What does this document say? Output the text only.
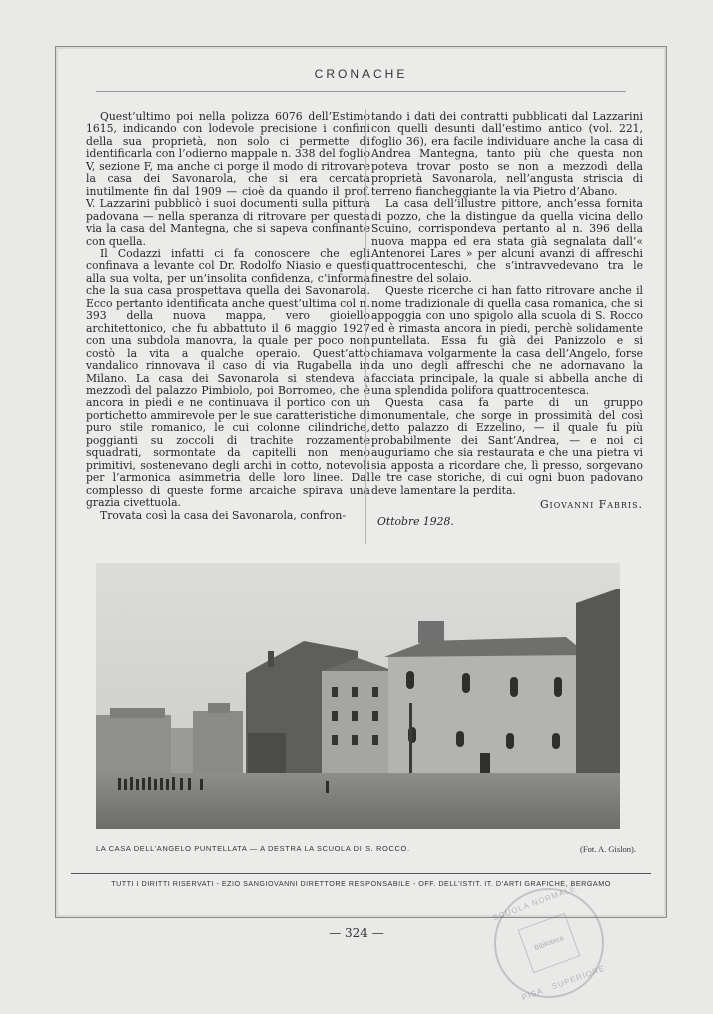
CRONACHE

Quest’ultimo poi nella polizza 6076 dell’Estimo 1615, indicando con lodevole precisione i confini della sua proprietà, non solo ci permette di identificarla con l’odierno mappale n. 338 del foglio V, sezione F, ma anche ci porge il modo di ritrovare la casa dei Savonarola, che si era cercata inutilmente fin dal 1909 — cioè da quando il prof. V. Lazzarini pubblicò i suoi documenti sulla pittura padovana — nella speranza di ritrovare per questa via la casa del Mantegna, che si sapeva confinante con quella.

Il Codazzi infatti ci fa conoscere che egli confinava a levante col Dr. Rodolfo Niasio e questi alla sua volta, per un’insolita confidenza, c’informa che la sua casa prospettava quella dei Savonarola. Ecco pertanto identificata anche quest’ultima col n. 393 della nuova mappa, vero gioiello architettonico, che fu abbattuto il 6 maggio 1927 con una subdola manovra, la quale per poco non costò la vita a qualche operaio. Quest’atto vandalico rinnovava il caso di via Rugabella in Milano. La casa dei Savonarola si stendeva a mezzodì del palazzo Pimbiolo, poi Borromeo, che è ancora in piedi e ne continuava il portico con un portichetto ammirevole per le sue caratteristiche di puro stile romanico, le cui colonne cilindriche, poggianti su zoccoli di trachite rozzamente squadrati, sormontate da capitelli non meno primitivi, sostenevano degli archi in cotto, notevoli per l’armonica asimmetria delle loro linee. Dal complesso di queste forme arcaiche spirava una grazia civettuola.

Trovata così la casa dei Savonarola, confron-

tando i dati dei contratti pubblicati dal Lazzarini con quelli desunti dall’estimo antico (vol. 221, foglio 36), era facile individuare anche la casa di Andrea Mantegna, tanto più che questa non poteva trovar posto se non a mezzodì della proprietà Savonarola, nell’angusta striscia di terreno fiancheggiante la via Pietro d’Abano.

La casa dell’illustre pittore, anch’essa fornita di pozzo, che la distingue da quella vicina dello Scuino, corrispondeva pertanto al n. 396 della nuova mappa ed era stata già segnalata dall’« Antenorei Lares » per alcuni avanzi di affreschi quattrocenteschi, che s’intravvedevano tra le finestre del solaio.

Queste ricerche ci han fatto ritrovare anche il nome tradizionale di quella casa romanica, che si appoggia con uno spigolo alla scuola di S. Rocco ed è rimasta ancora in piedi, perchè solidamente puntellata. Essa fu già dei Panizzolo e si chiamava volgarmente la casa dell’Angelo, forse da uno degli affreschi che ne adornavano la facciata principale, la quale si abbella anche di una splendida polifora quattrocentesca.

Questa casa fa parte di un gruppo monumentale, che sorge in prossimità del così detto palazzo di Ezzelino, — il quale fu più probabilmente dei Sant’Andrea, — e noi ci auguriamo che sia restaurata e che una pietra vi sia apposta a ricordare che, lì presso, sorgevano le tre case storiche, di cui ogni buon padovano deve lamentare la perdita.

Giovanni Fabris.
Ottobre 1928.
LA CASA DELL’ANGELO PUNTELLATA — A DESTRA LA SCUOLA DI S. ROCCO.	(Fot. A. Gislon).
TUTTI I DIRITTI RISERVATI - EZIO SANGIOVANNI DIRETTORE RESPONSABILE - OFF. DELL’ISTIT. IT. D’ARTI GRAFICHE, BERGAMO
— 324 —
SCUOLA NORMALE
PISA · SUPERIORE
Biblioteca
